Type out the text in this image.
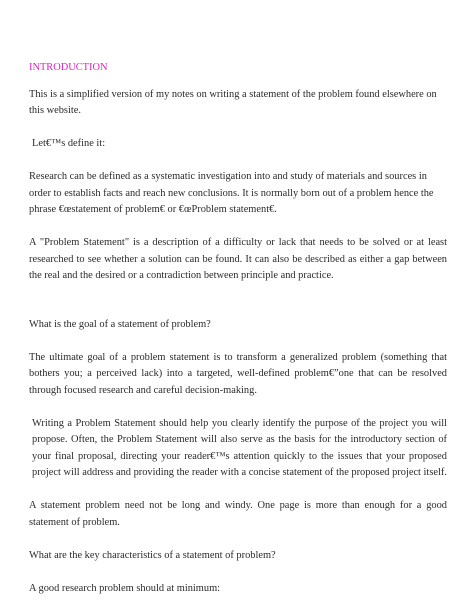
INTRODUCTION

This is a simplified version of my notes on writing a statement of the problem found elsewhere on this website.

Let€™s define it:

Research can be defined as a systematic investigation into and study of materials and sources in order to establish facts and reach new conclusions. It is normally born out of a problem hence the phrase €œstatement of problem€ or €œProblem statement€.

A "Problem Statement" is a description of a difficulty or lack that needs to be solved or at least researched to see whether a solution can be found. It can also be described as either a gap between the real and the desired or a contradiction between principle and practice.

What is the goal of a statement of problem?

The ultimate goal of a problem statement is to transform a generalized problem (something that bothers you; a perceived lack) into a targeted, well-defined problem€”one that can be resolved through focused research and careful decision-making.

Writing a Problem Statement should help you clearly identify the purpose of the project you will propose. Often, the Problem Statement will also serve as the basis for the introductory section of your final proposal, directing your reader€™s attention quickly to the issues that your proposed project will address and providing the reader with a concise statement of the proposed project itself.

A statement problem need not be long and windy. One page is more than enough for a good statement of problem.

What are the key characteristics of a statement of problem?

A good research problem should at minimum:
